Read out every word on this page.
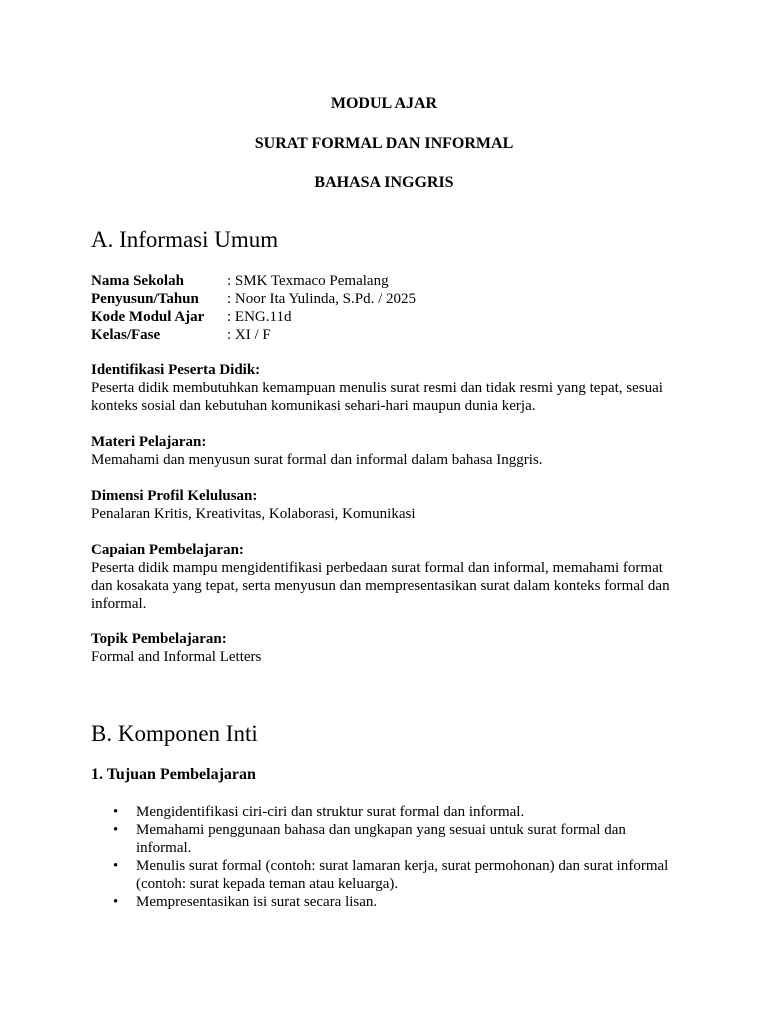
MODUL AJAR
SURAT FORMAL DAN INFORMAL
BAHASA INGGRIS
A. Informasi Umum
Nama Sekolah	: SMK Texmaco Pemalang
Penyusun/Tahun	: Noor Ita Yulinda, S.Pd. / 2025
Kode Modul Ajar	: ENG.11d
Kelas/Fase	: XI / F
Identifikasi Peserta Didik:
Peserta didik membutuhkan kemampuan menulis surat resmi dan tidak resmi yang tepat, sesuai konteks sosial dan kebutuhan komunikasi sehari-hari maupun dunia kerja.
Materi Pelajaran:
Memahami dan menyusun surat formal dan informal dalam bahasa Inggris.
Dimensi Profil Kelulusan:
Penalaran Kritis, Kreativitas, Kolaborasi, Komunikasi
Capaian Pembelajaran:
Peserta didik mampu mengidentifikasi perbedaan surat formal dan informal, memahami format dan kosakata yang tepat, serta menyusun dan mempresentasikan surat dalam konteks formal dan informal.
Topik Pembelajaran:
Formal and Informal Letters
B. Komponen Inti
1. Tujuan Pembelajaran
• Mengidentifikasi ciri-ciri dan struktur surat formal dan informal.
• Memahami penggunaan bahasa dan ungkapan yang sesuai untuk surat formal dan informal.
• Menulis surat formal (contoh: surat lamaran kerja, surat permohonan) dan surat informal (contoh: surat kepada teman atau keluarga).
• Mempresentasikan isi surat secara lisan.
